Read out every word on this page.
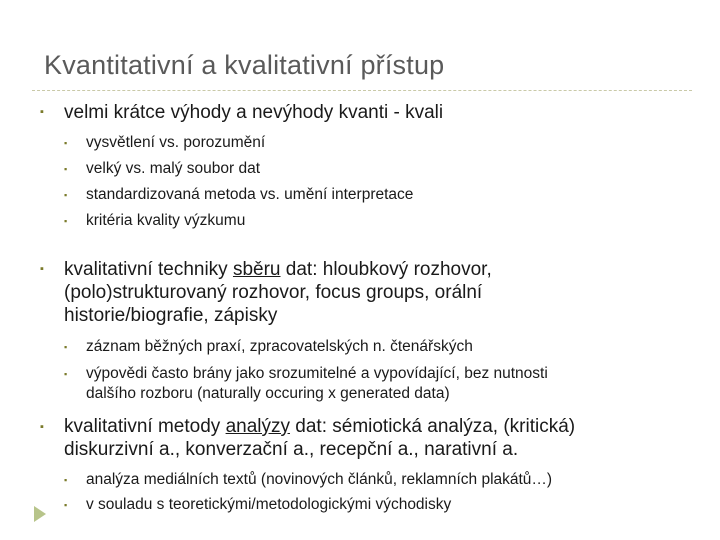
Kvantitativní a kvalitativní přístup
▪ velmi krátce výhody a nevýhody kvanti - kvali
▪ vysvětlení vs. porozumění
▪ velký vs. malý soubor dat
▪ standardizovaná metoda vs. umění interpretace
▪ kritéria kvality výzkumu
▪ kvalitativní techniky sběru dat: hloubkový rozhovor,
(polo)strukturovaný rozhovor, focus groups, orální
historie/biografie, zápisky
▪ záznam běžných praxí, zpracovatelských n. čtenářských
▪ výpovědi často brány jako srozumitelné a vypovídající, bez nutnosti
dalšího rozboru (naturally occuring x generated data)
▪ kvalitativní metody analýzy dat: sémiotická analýza, (kritická)
diskurzivní a., konverzační a., recepční a., narativní a.
▪ analýza mediálních textů (novinových článků, reklamních plakátů…)
▪ v souladu s teoretickými/metodologickými východisky
